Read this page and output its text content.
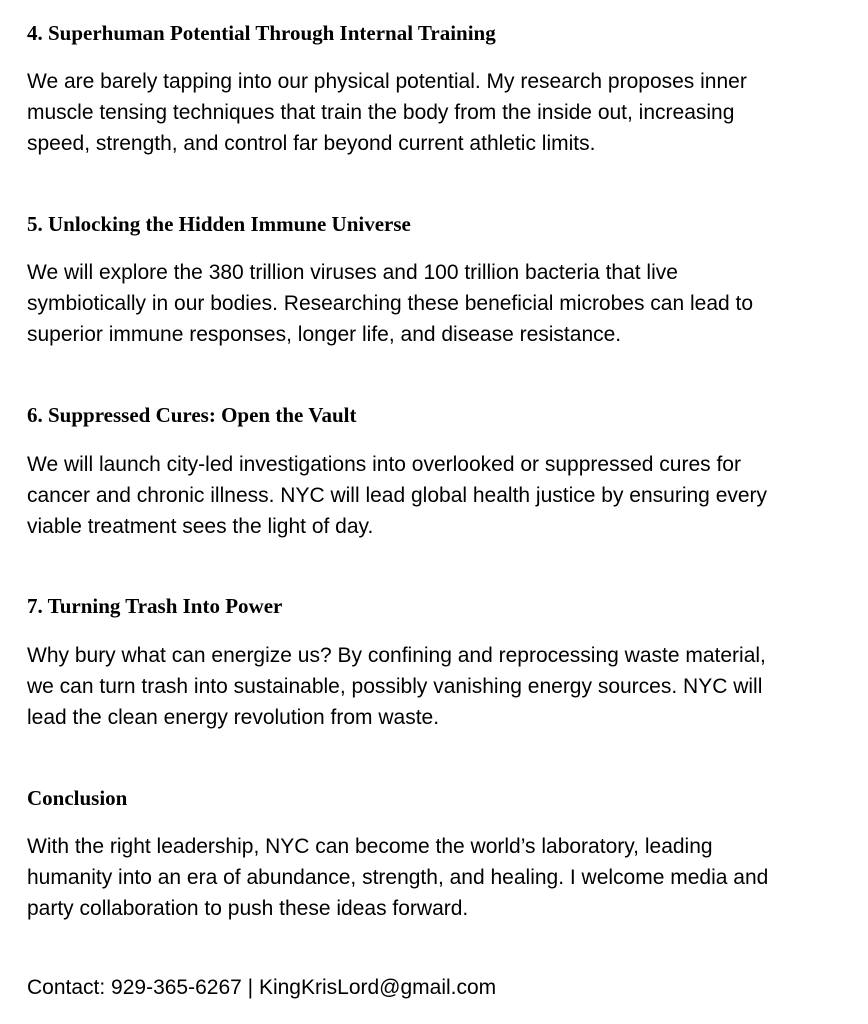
4. Superhuman Potential Through Internal Training

We are barely tapping into our physical potential. My research proposes inner
muscle tensing techniques that train the body from the inside out, increasing
speed, strength, and control far beyond current athletic limits.

5. Unlocking the Hidden Immune Universe

We will explore the 380 trillion viruses and 100 trillion bacteria that live
symbiotically in our bodies. Researching these beneficial microbes can lead to
superior immune responses, longer life, and disease resistance.

6. Suppressed Cures: Open the Vault

We will launch city-led investigations into overlooked or suppressed cures for
cancer and chronic illness. NYC will lead global health justice by ensuring every
viable treatment sees the light of day.

7. Turning Trash Into Power

Why bury what can energize us? By confining and reprocessing waste material,
we can turn trash into sustainable, possibly vanishing energy sources. NYC will
lead the clean energy revolution from waste.

Conclusion

With the right leadership, NYC can become the world’s laboratory, leading
humanity into an era of abundance, strength, and healing. I welcome media and
party collaboration to push these ideas forward.

Contact: 929-365-6267 | KingKrisLord@gmail.com
